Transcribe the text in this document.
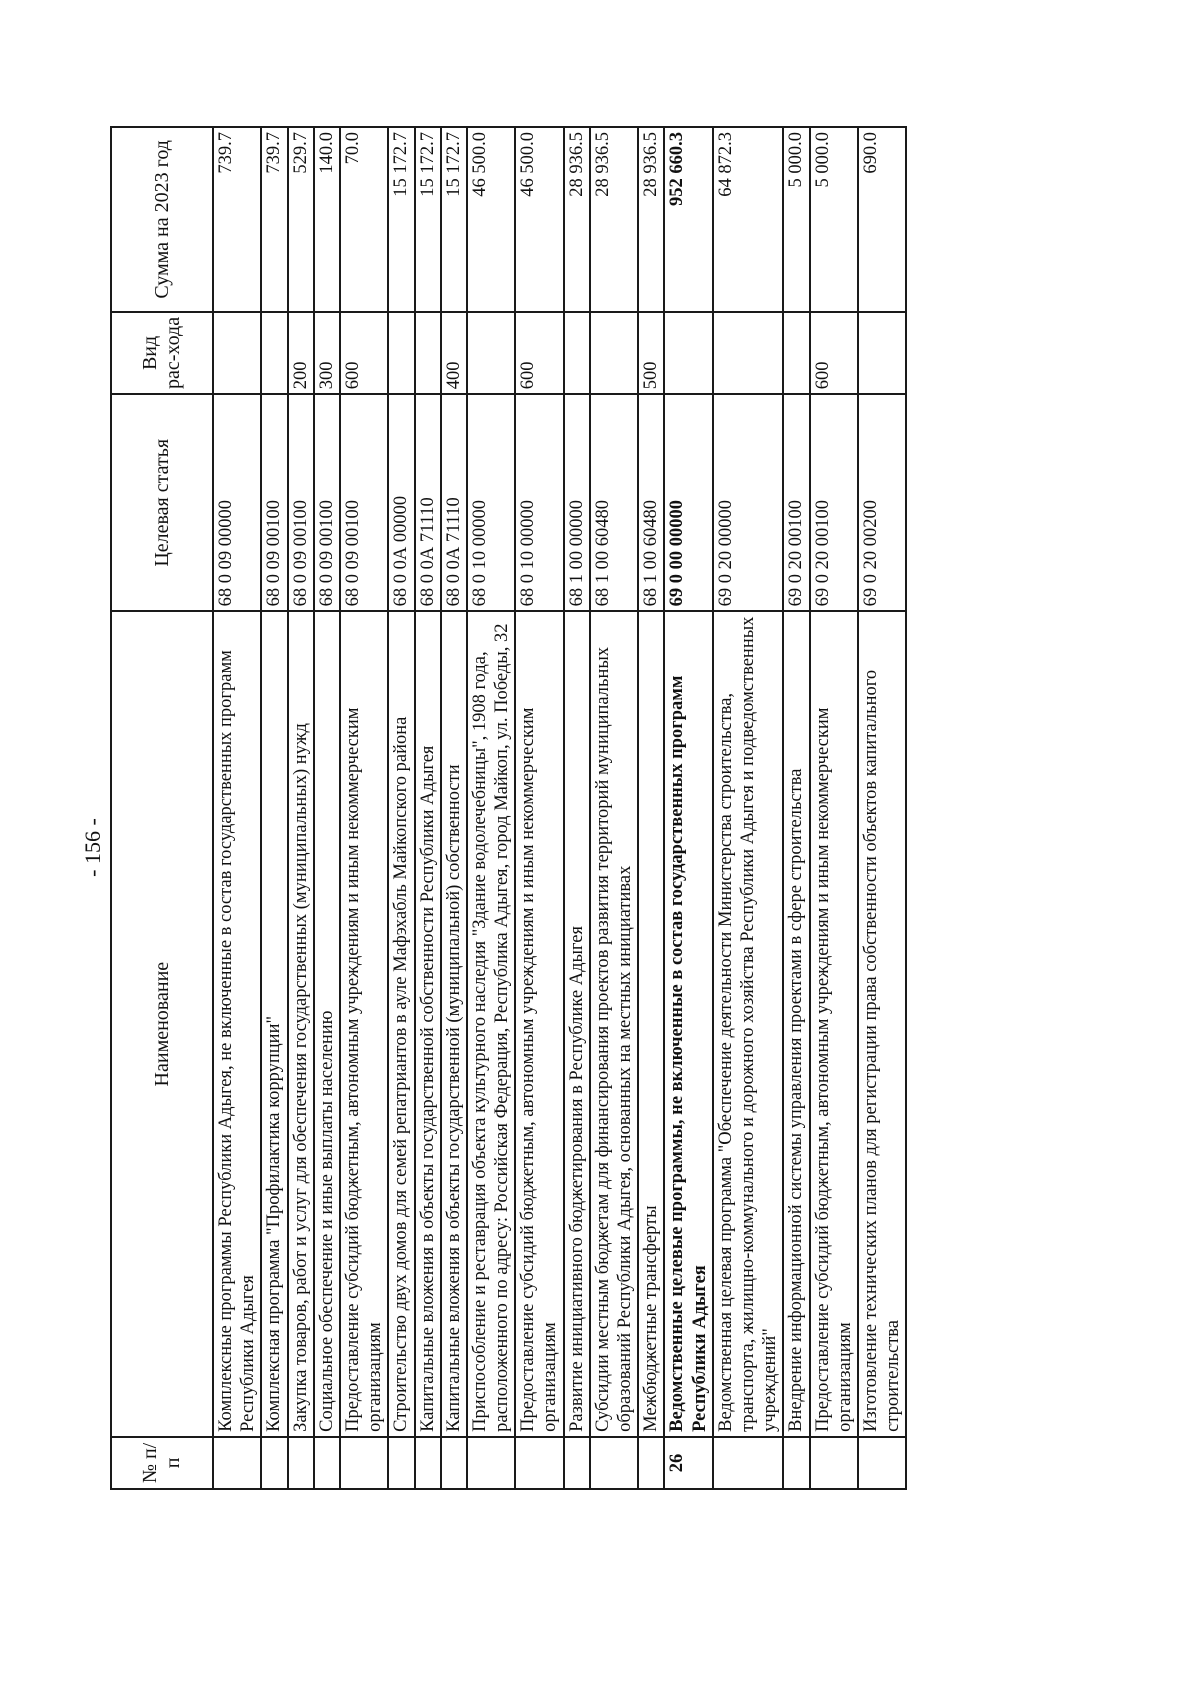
- 156 -
№ п/п	Наименование	Целевая статья	Вид рас-хода	Сумма на 2023 год
	Комплексные программы Республики Адыгея, не включенные в состав государственных программ Республики Адыгея	68 0 09 00000		739.7
	Комплексная программа "Профилактика коррупции"	68 0 09 00100		739.7
	Закупка товаров, работ и услуг для обеспечения государственных (муниципальных) нужд	68 0 09 00100	200	529.7
	Социальное обеспечение и иные выплаты населению	68 0 09 00100	300	140.0
	Предоставление субсидий бюджетным, автономным учреждениям и иным некоммерческим организациям	68 0 09 00100	600	70.0
	Строительство двух домов для семей репатриантов в ауле Мафэхабль Майкопского района	68 0 0А 00000		15 172.7
	Капитальные вложения в объекты государственной собственности Республики Адыгея	68 0 0А 71110		15 172.7
	Капитальные вложения в объекты государственной (муниципальной) собственности	68 0 0А 71110	400	15 172.7
	Приспособление и реставрация объекта культурного наследия "Здание водолечебницы", 1908 года, расположенного по адресу: Российская Федерация, Республика Адыгея, город Майкоп, ул. Победы, 32	68 0 10 00000		46 500.0
	Предоставление субсидий бюджетным, автономным учреждениям и иным некоммерческим организациям	68 0 10 00000	600	46 500.0
	Развитие инициативного бюджетирования в Республике Адыгея	68 1 00 00000		28 936.5
	Субсидии местным бюджетам для финансирования проектов развития территорий муниципальных образований Республики Адыгея, основанных на местных инициативах	68 1 00 60480		28 936.5
	Межбюджетные трансферты	68 1 00 60480	500	28 936.5
26	Ведомственные целевые программы, не включенные в состав государственных программ Республики Адыгея	69 0 00 00000		952 660.3
	Ведомственная целевая программа "Обеспечение деятельности Министерства строительства, транспорта, жилищно-коммунального и дорожного хозяйства Республики Адыгея и подведомственных учреждений"	69 0 20 00000		64 872.3
	Внедрение информационной системы управления проектами в сфере строительства	69 0 20 00100		5 000.0
	Предоставление субсидий бюджетным, автономным учреждениям и иным некоммерческим организациям	69 0 20 00100	600	5 000.0
	Изготовление технических планов для регистрации права собственности объектов капитального строительства	69 0 20 00200		690.0
